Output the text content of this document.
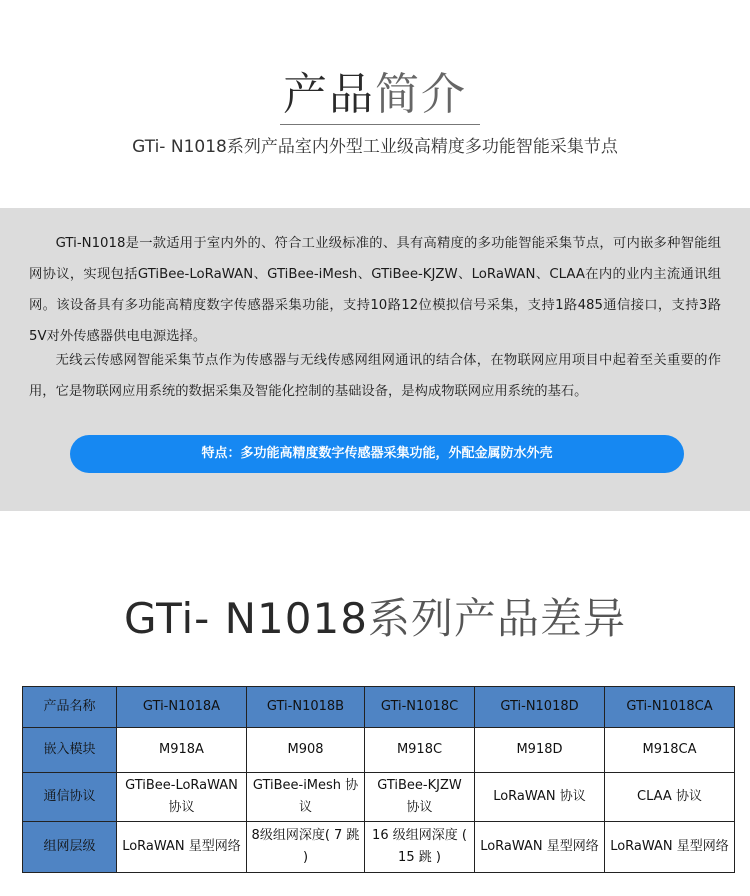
产品简介
GTi- N1018系列产品室内外型工业级高精度多功能智能采集节点

GTi-N1018是一款适用于室内外的、符合工业级标准的、具有高精度的多功能智能采集节点，可内嵌多种智能组网协议，实现包括GTiBee-LoRaWAN、GTiBee-iMesh、GTiBee-KJZW、LoRaWAN、CLAA在内的业内主流通讯组网。该设备具有多功能高精度数字传感器采集功能，支持10路12位模拟信号采集，支持1路485通信接口，支持3路5V对外传感器供电电源选择。

无线云传感网智能采集节点作为传感器与无线传感网组网通讯的结合体，在物联网应用项目中起着至关重要的作用，它是物联网应用系统的数据采集及智能化控制的基础设备，是构成物联网应用系统的基石。

特点：多功能高精度数字传感器采集功能，外配金属防水外壳
GTi- N1018系列产品差异
产品名称	GTi-N1018A	GTi-N1018B	GTi-N1018C	GTi-N1018D	GTi-N1018CA
嵌入模块	M918A	M908	M918C	M918D	M918CA
通信协议	GTiBee-LoRaWAN 协议	GTiBee-iMesh 协议	GTiBee-KJZW 协议	LoRaWAN 协议	CLAA 协议
组网层级	LoRaWAN 星型网络	8级组网深度( 7 跳 )	16 级组网深度 ( 15 跳 )	LoRaWAN 星型网络	LoRaWAN 星型网络
